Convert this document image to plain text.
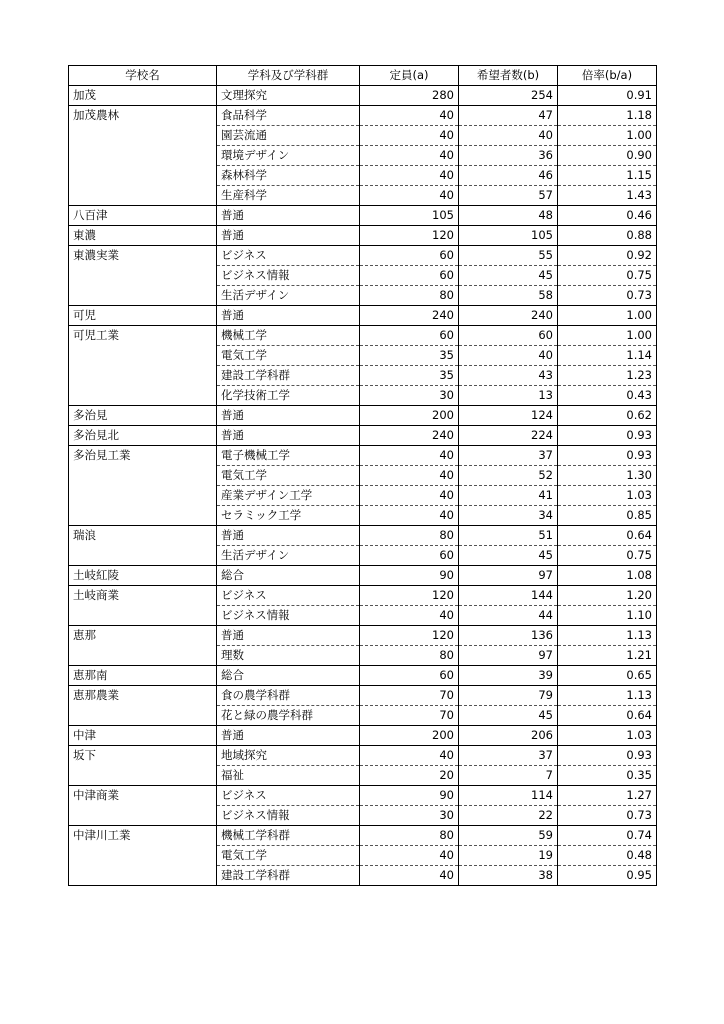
学校名	学科及び学科群	定員(a)	希望者数(b)	倍率(b/a)
加茂	文理探究	280	254	0.91
加茂農林	食品科学	40	47	1.18
	園芸流通	40	40	1.00
	環境デザイン	40	36	0.90
	森林科学	40	46	1.15
	生産科学	40	57	1.43
八百津	普通	105	48	0.46
東濃	普通	120	105	0.88
東濃実業	ビジネス	60	55	0.92
	ビジネス情報	60	45	0.75
	生活デザイン	80	58	0.73
可児	普通	240	240	1.00
可児工業	機械工学	60	60	1.00
	電気工学	35	40	1.14
	建設工学科群	35	43	1.23
	化学技術工学	30	13	0.43
多治見	普通	200	124	0.62
多治見北	普通	240	224	0.93
多治見工業	電子機械工学	40	37	0.93
	電気工学	40	52	1.30
	産業デザイン工学	40	41	1.03
	セラミック工学	40	34	0.85
瑞浪	普通	80	51	0.64
	生活デザイン	60	45	0.75
土岐紅陵	総合	90	97	1.08
土岐商業	ビジネス	120	144	1.20
	ビジネス情報	40	44	1.10
恵那	普通	120	136	1.13
	理数	80	97	1.21
恵那南	総合	60	39	0.65
恵那農業	食の農学科群	70	79	1.13
	花と緑の農学科群	70	45	0.64
中津	普通	200	206	1.03
坂下	地域探究	40	37	0.93
	福祉	20	7	0.35
中津商業	ビジネス	90	114	1.27
	ビジネス情報	30	22	0.73
中津川工業	機械工学科群	80	59	0.74
	電気工学	40	19	0.48
	建設工学科群	40	38	0.95
